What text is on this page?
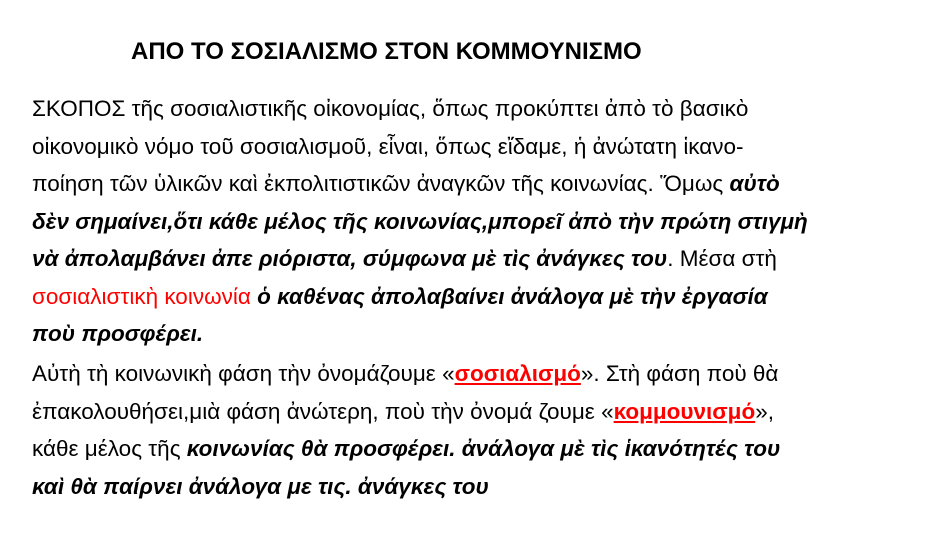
ΑΠΟ ΤΟ ΣΟΣΙΑΛΙΣΜΟ ΣΤΟΝ ΚΟΜΜΟΥΝΙΣΜΟ
ΣΚΟΠΟΣ τῆς σοσιαλιστικῆς οἰκονομίας, ὅπως προκύπτει ἀπὸ τὸ βασικὸ
οἰκονομικὸ νόμο τοῦ σοσιαλισμοῦ, εἶναι, ὅπως εἴδαμε, ἡ ἀνώτατη ἱκανο-
ποίηση τῶν ὑλικῶν καὶ ἐκπολιτιστικῶν ἀναγκῶν τῆς κοινωνίας. Ὅμως αὐτὸ
δὲν σημαίνει,ὅτι κάθε μέλος τῆς κοινωνίας,μπορεῖ ἀπὸ τὴν πρώτη στιγμὴ
νὰ ἀπολαμβάνει ἀπε ριόριστα, σύμφωνα μὲ τὶς ἀνάγκες του. Μέσα στὴ
σοσιαλιστικὴ κοινωνία ὁ καθένας ἀπολαβαίνει ἀνάλογα μὲ τὴν ἐργασία
ποὺ προσφέρει.
Αὐτὴ τὴ κοινωνικὴ φάση τὴν ὀνομάζουμε «σοσιαλισμό». Στὴ φάση ποὺ θὰ
ἐπακολουθήσει,μιὰ φάση ἀνώτερη, ποὺ τὴν ὀνομά ζουμε «κομμουνισμό»,
κάθε μέλος τῆς κοινωνίας θὰ προσφέρει. ἀνάλογα μὲ τὶς ἱκανότητές του
καὶ θὰ παίρνει ἀνάλογα με τις. ἀνάγκες του
